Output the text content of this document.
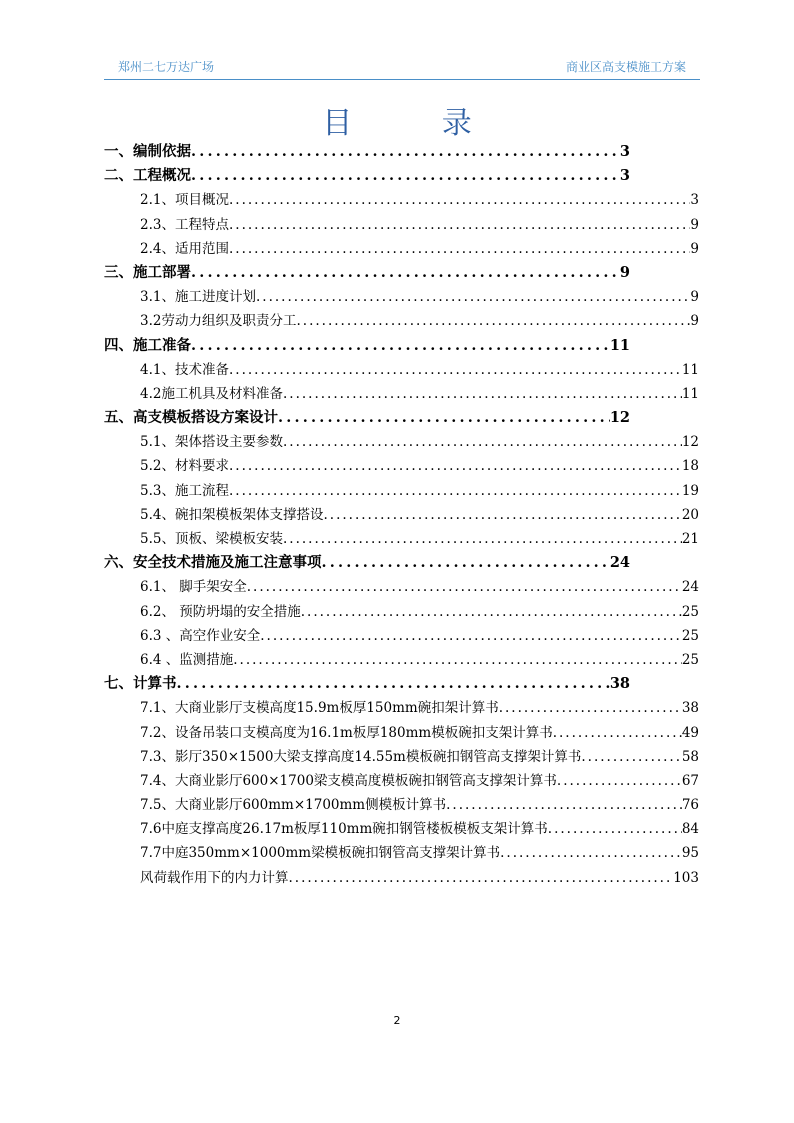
郑州二七万达广场	商业区高支模施工方案
目 录
一、编制依据 .....	3
二、工程概况 .....	3
2.1、项目概况 .....	3
2.3、工程特点 .....	9
2.4、适用范围 .....	9
三、施工部署 .....	9
3.1、施工进度计划 .....	9
3.2劳动力组织及职责分工 .....	9
四、施工准备 .....	11
4.1、技术准备 .....	11
4.2施工机具及材料准备 .....	11
五、高支模板搭设方案设计 .....	12
5.1、架体搭设主要参数 .....	12
5.2、材料要求 .....	18
5.3、施工流程 .....	19
5.4、碗扣架模板架体支撑搭设 .....	20
5.5、顶板、梁模板安装 .....	21
六、安全技术措施及施工注意事项 .....	24
6.1、 脚手架安全 .....	24
6.2、 预防坍塌的安全措施 .....	25
6.3 、高空作业安全 .....	25
6.4 、监测措施 .....	25
七、计算书 .....	38
7.1、大商业影厅支模高度15.9m板厚150mm碗扣架计算书 .....	38
7.2、设备吊装口支模高度为16.1m板厚180mm模板碗扣支架计算书 .....	49
7.3、影厅350×1500大梁支撑高度14.55m模板碗扣钢管高支撑架计算书 .....	58
7.4、大商业影厅600×1700梁支模高度模板碗扣钢管高支撑架计算书 .....	67
7.5、大商业影厅600mm×1700mm侧模板计算书 .....	76
7.6中庭支撑高度26.17m板厚110mm碗扣钢管楼板模板支架计算书 .....	84
7.7中庭350mm×1000mm梁模板碗扣钢管高支撑架计算书 .....	95
风荷载作用下的内力计算 .....	103
2
